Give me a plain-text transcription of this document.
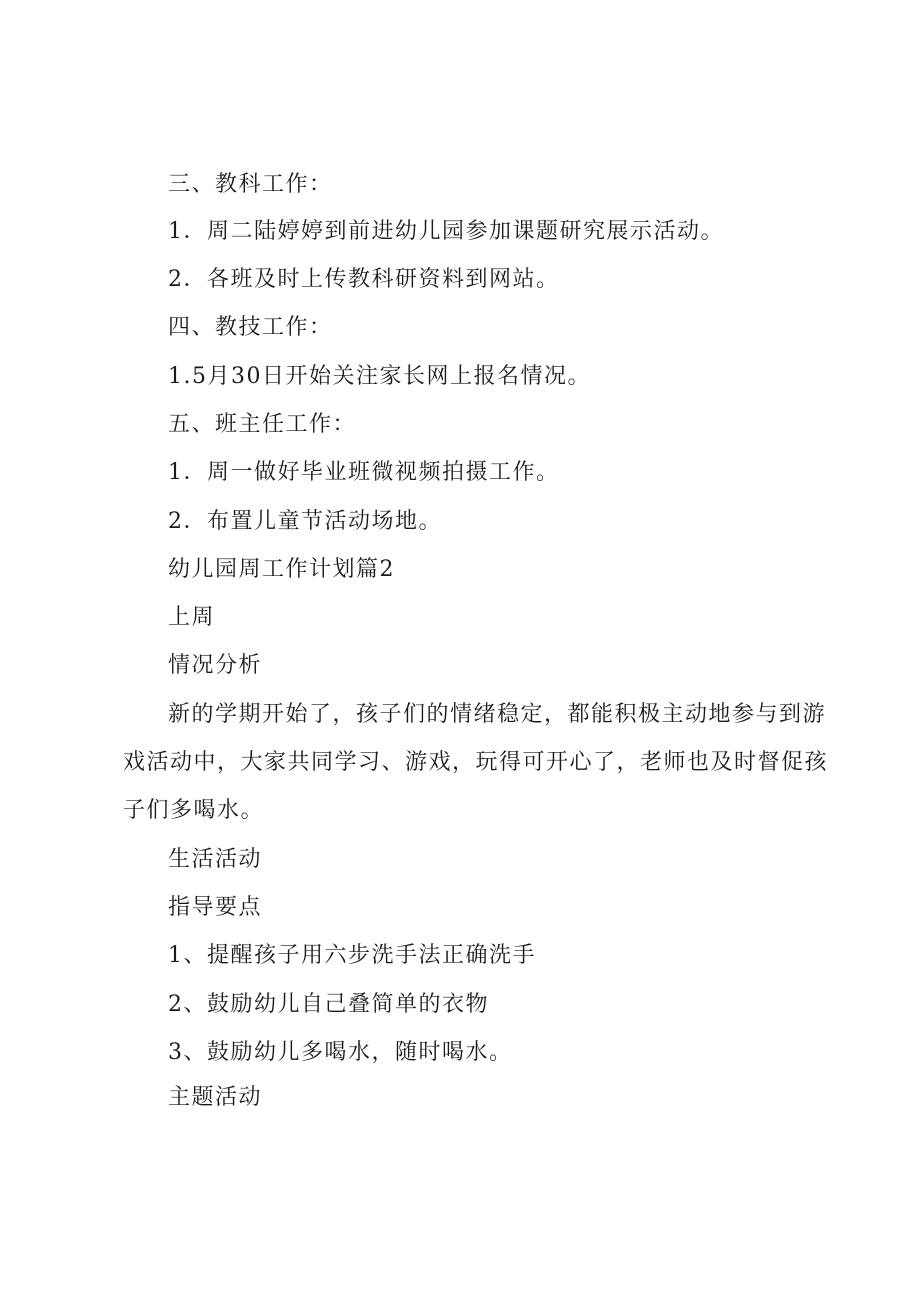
三、教科工作：
1．周二陆婷婷到前进幼儿园参加课题研究展示活动。
2．各班及时上传教科研资料到网站。
四、教技工作：
1.5月30日开始关注家长网上报名情况。
五、班主任工作：
1．周一做好毕业班微视频拍摄工作。
2．布置儿童节活动场地。
幼儿园周工作计划篇2
上周
情况分析
新的学期开始了，孩子们的情绪稳定，都能积极主动地参与到游
戏活动中，大家共同学习、游戏，玩得可开心了，老师也及时督促孩
子们多喝水。
生活活动
指导要点
1、提醒孩子用六步洗手法正确洗手
2、鼓励幼儿自己叠简单的衣物
3、鼓励幼儿多喝水，随时喝水。
主题活动
